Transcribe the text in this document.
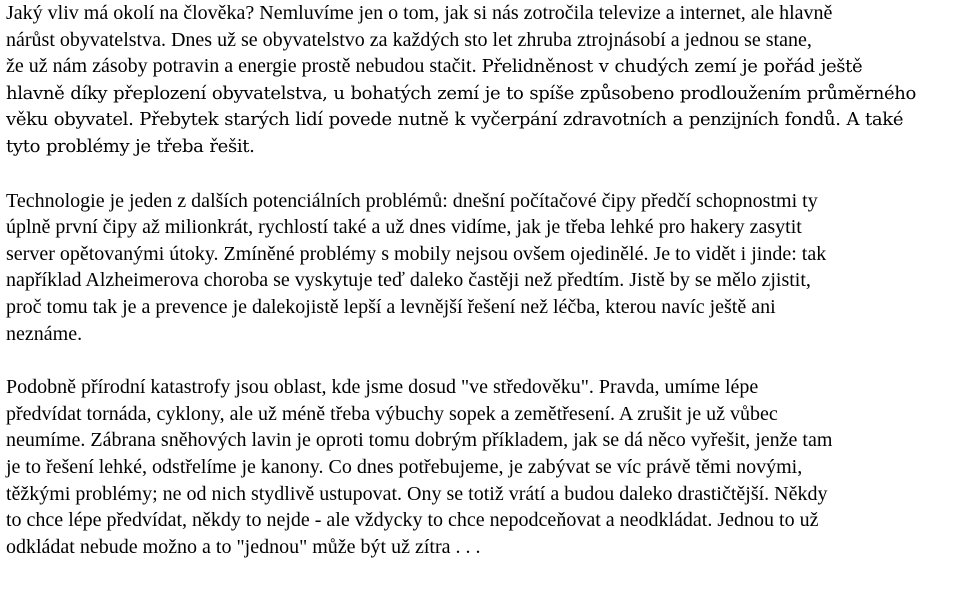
Jaký vliv má okolí na člověka? Nemluvíme jen o tom, jak si nás zotročila televize a internet, ale hlavně
nárůst obyvatelstva. Dnes už se obyvatelstvo za každých sto let zhruba ztrojnásobí a jednou se stane,
že už nám zásoby potravin a energie prostě nebudou stačit. Přelidněnost v chudých zemí je pořád ještě
hlavně díky přeplození obyvatelstva, u bohatých zemí je to spíše způsobeno prodloužením průměrného
věku obyvatel. Přebytek starých lidí povede nutně k vyčerpání zdravotních a penzijních fondů. A také
tyto problémy je třeba řešit.

Technologie je jeden z dalších potenciálních problémů: dnešní počítačové čipy předčí schopnostmi ty
úplně první čipy až milionkrát, rychlostí také a už dnes vidíme, jak je třeba lehké pro hakery zasytit
server opětovanými útoky. Zmíněné problémy s mobily nejsou ovšem ojedinělé. Je to vidět i jinde: tak
například Alzheimerova choroba se vyskytuje teď daleko častěji než předtím. Jistě by se mělo zjistit,
proč tomu tak je a prevence je dalekojistě lepší a levnější řešení než léčba, kterou navíc ještě ani
neznáme.

Podobně přírodní katastrofy jsou oblast, kde jsme dosud "ve středověku". Pravda, umíme lépe
předvídat tornáda, cyklony, ale už méně třeba výbuchy sopek a zemětřesení. A zrušit je už vůbec
neumíme. Zábrana sněhových lavin je oproti tomu dobrým příkladem, jak se dá něco vyřešit, jenže tam
je to řešení lehké, odstřelíme je kanony. Co dnes potřebujeme, je zabývat se víc právě těmi novými,
těžkými problémy; ne od nich stydlivě ustupovat. Ony se totiž vrátí a budou daleko drastičtější. Někdy
to chce lépe předvídat, někdy to nejde - ale vždycky to chce nepodceňovat a neodkládat. Jednou to už
odkládat nebude možno a to "jednou" může být už zítra . . .
